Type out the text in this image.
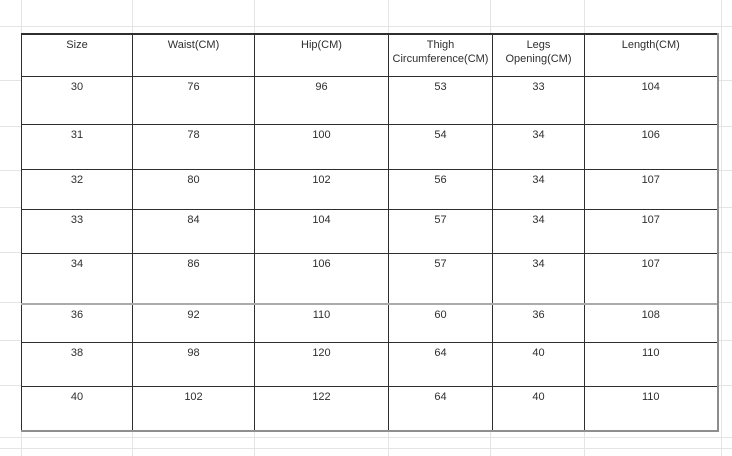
Size	Waist(CM)	Hip(CM)	Thigh Circumference(CM)	Legs Opening(CM)	Length(CM)
30	76	96	53	33	104
31	78	100	54	34	106
32	80	102	56	34	107
33	84	104	57	34	107
34	86	106	57	34	107
36	92	110	60	36	108
38	98	120	64	40	110
40	102	122	64	40	110
